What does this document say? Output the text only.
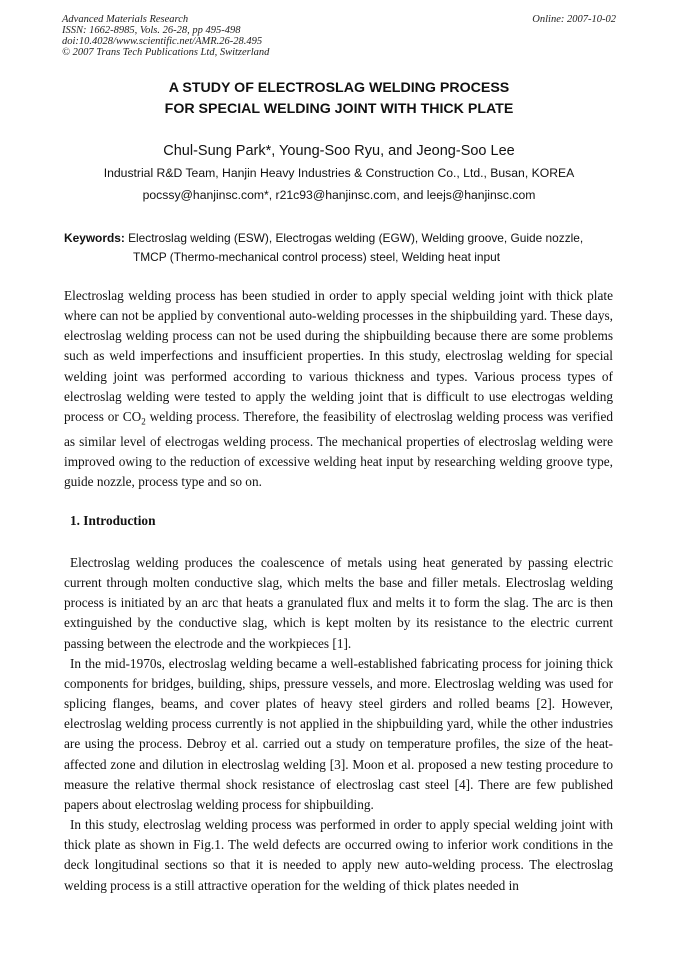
Advanced Materials Research
ISSN: 1662-8985, Vols. 26-28, pp 495-498
doi:10.4028/www.scientific.net/AMR.26-28.495
© 2007 Trans Tech Publications Ltd, Switzerland
Online: 2007-10-02
A STUDY OF ELECTROSLAG WELDING PROCESS
FOR SPECIAL WELDING JOINT WITH THICK PLATE
Chul-Sung Park*, Young-Soo Ryu, and Jeong-Soo Lee
Industrial R&D Team, Hanjin Heavy Industries & Construction Co., Ltd., Busan, KOREA
pocssy@hanjinsc.com*, r21c93@hanjinsc.com, and leejs@hanjinsc.com
Keywords: Electroslag welding (ESW), Electrogas welding (EGW), Welding groove, Guide nozzle,
TMCP (Thermo-mechanical control process) steel, Welding heat input
Electroslag welding process has been studied in order to apply special welding joint with thick plate where can not be applied by conventional auto-welding processes in the shipbuilding yard. These days, electroslag welding process can not be used during the shipbuilding because there are some problems such as weld imperfections and insufficient properties. In this study, electroslag welding for special welding joint was performed according to various thickness and types. Various process types of electroslag welding were tested to apply the welding joint that is difficult to use electrogas welding process or $CO_2$ welding process. Therefore, the feasibility of electroslag welding process was verified as similar level of electrogas welding process. The mechanical properties of electroslag welding were improved owing to the reduction of excessive welding heat input by researching welding groove type, guide nozzle, process type and so on.
1. Introduction

Electroslag welding produces the coalescence of metals using heat generated by passing electric current through molten conductive slag, which melts the base and filler metals. Electroslag welding process is initiated by an arc that heats a granulated flux and melts it to form the slag. The arc is then extinguished by the conductive slag, which is kept molten by its resistance to the electric current passing between the electrode and the workpieces [1].

In the mid-1970s, electroslag welding became a well-established fabricating process for joining thick components for bridges, building, ships, pressure vessels, and more. Electroslag welding was used for splicing flanges, beams, and cover plates of heavy steel girders and rolled beams [2]. However, electroslag welding process currently is not applied in the shipbuilding yard, while the other industries are using the process. Debroy et al. carried out a study on temperature profiles, the size of the heat-affected zone and dilution in electroslag welding [3]. Moon et al. proposed a new testing procedure to measure the relative thermal shock resistance of electroslag cast steel [4]. There are few published papers about electroslag welding process for shipbuilding.

In this study, electroslag welding process was performed in order to apply special welding joint with thick plate as shown in Fig.1. The weld defects are occurred owing to inferior work conditions in the deck longitudinal sections so that it is needed to apply new auto-welding process. The electroslag welding process is a still attractive operation for the welding of thick plates needed in
